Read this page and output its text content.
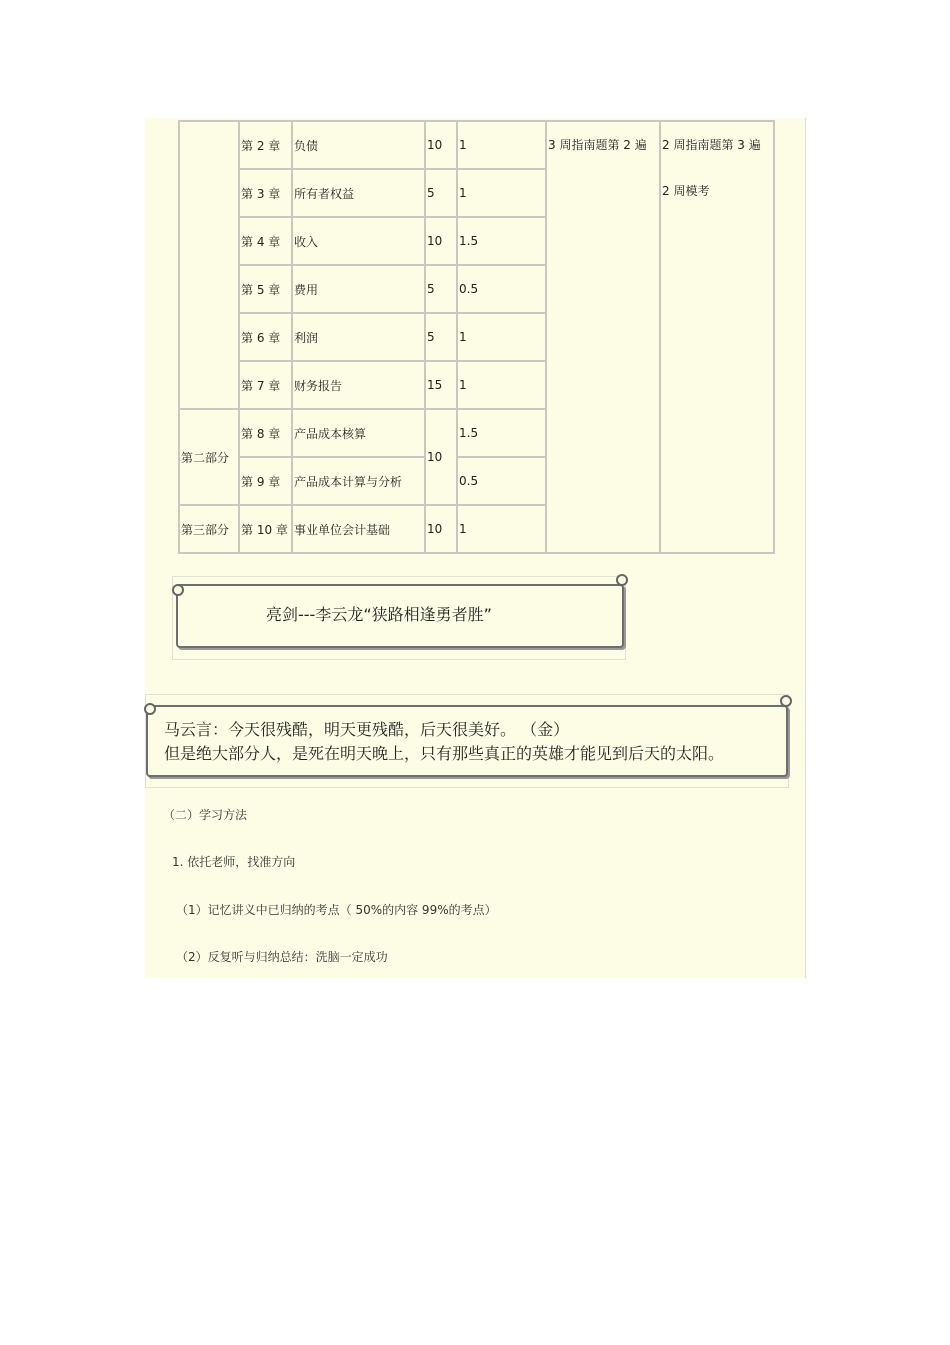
	第 2 章	负债	10	1	3 周指南题第 2 遍	2 周指南题第 3 遍
2 周模考

	第 3 章	所有者权益	5	1		
	第 4 章	收入	10	1.5		
	第 5 章	费用	5	0.5		
	第 6 章	利润	5	1		
	第 7 章	财务报告	15	1		
第二部分	第 8 章	产品成本核算	10	1.5		
	第 9 章	产品成本计算与分析		0.5		
第三部分	第 10 章	事业单位会计基础	10	1		
亮剑---李云龙“狭路相逢勇者胜”
马云言：今天很残酷，明天更残酷，后天很美好。 （金）
但是绝大部分人，是死在明天晚上，只有那些真正的英雄才能见到后天的太阳。
（二）学习方法
1. 依托老师，找准方向
（1）记忆讲义中已归纳的考点（ 50%的内容 99%的考点）
（2）反复听与归纳总结：洗脑一定成功
